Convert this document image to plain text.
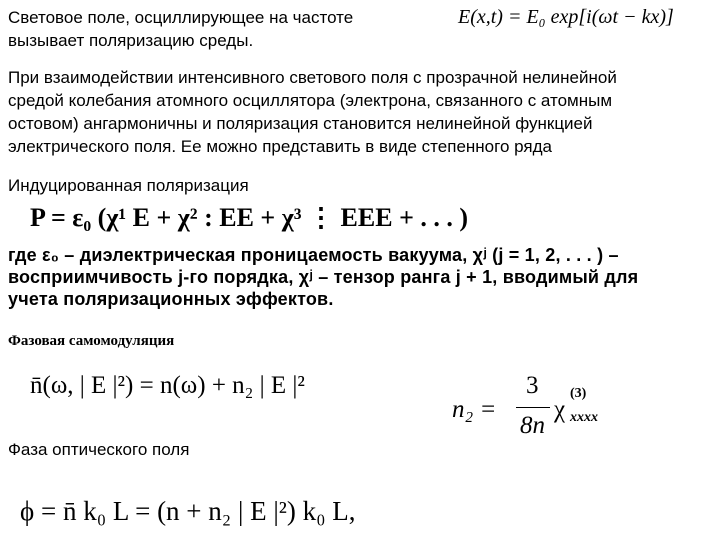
Световое поле, осциллирующее на частоте
вызывает поляризацию среды.
E(x,t) = E₀ exp[i(ωt − kx)]
При взаимодействии интенсивного светового поля с прозрачной нелинейной
средой колебания атомного осциллятора (электрона, связанного с атомным
остовом) ангармоничны и поляризация становится нелинейной функцией
электрического поля. Ее можно представить в виде степенного ряда
Индуцированная поляризация
P = ε₀ (χ¹ E + χ² : EE + χ³ ⋮ EEE + . . . )
где ε₀ – диэлектрическая проницаемость вакуума, χʲ (j = 1, 2, . . . ) –
восприимчивость j-го порядка, χʲ – тензор ранга j + 1, вводимый для
учета поляризационных эффектов.
Фазовая самомодуляция
n̄(ω, | E |²) = n(ω) + n₂ | E |²
n₂ =
3
8n
χ
(3)
xxxx
Фаза оптического поля
ϕ = n̄ k₀ L = (n + n₂ | E |²) k₀ L,
